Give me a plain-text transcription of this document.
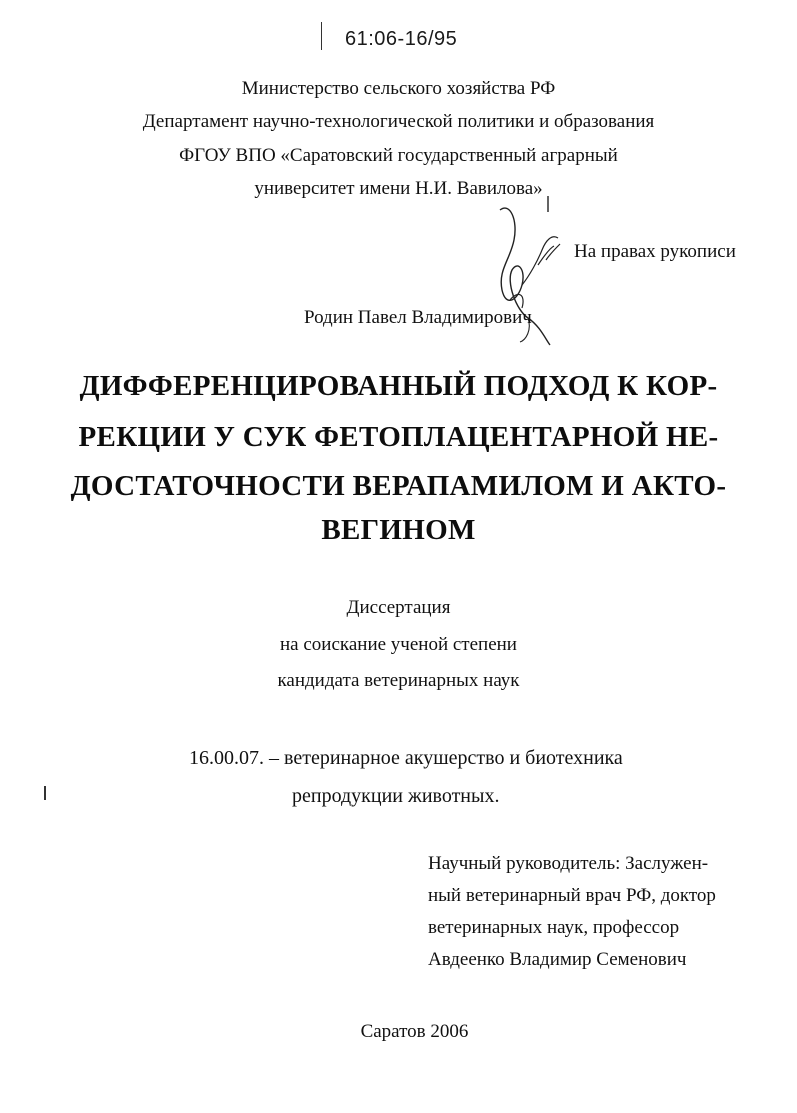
61:06-16/95
Министерство сельского хозяйства РФ
Департамент научно-технологической политики и образования
ФГОУ ВПО «Саратовский государственный аграрный
университет имени Н.И. Вавилова»
На правах рукописи
Родин Павел Владимирович
ДИФФЕРЕНЦИРОВАННЫЙ ПОДХОД К КОР-
РЕКЦИИ У СУК ФЕТОПЛАЦЕНТАРНОЙ НЕ-
ДОСТАТОЧНОСТИ ВЕРАПАМИЛОМ И АКТО-
ВЕГИНОМ
Диссертация
на соискание ученой степени
кандидата ветеринарных наук
16.00.07. – ветеринарное акушерство и биотехника
репродукции животных.
Научный руководитель: Заслужен-
ный ветеринарный врач РФ, доктор
ветеринарных наук, профессор
Авдеенко Владимир Семенович
Саратов 2006
